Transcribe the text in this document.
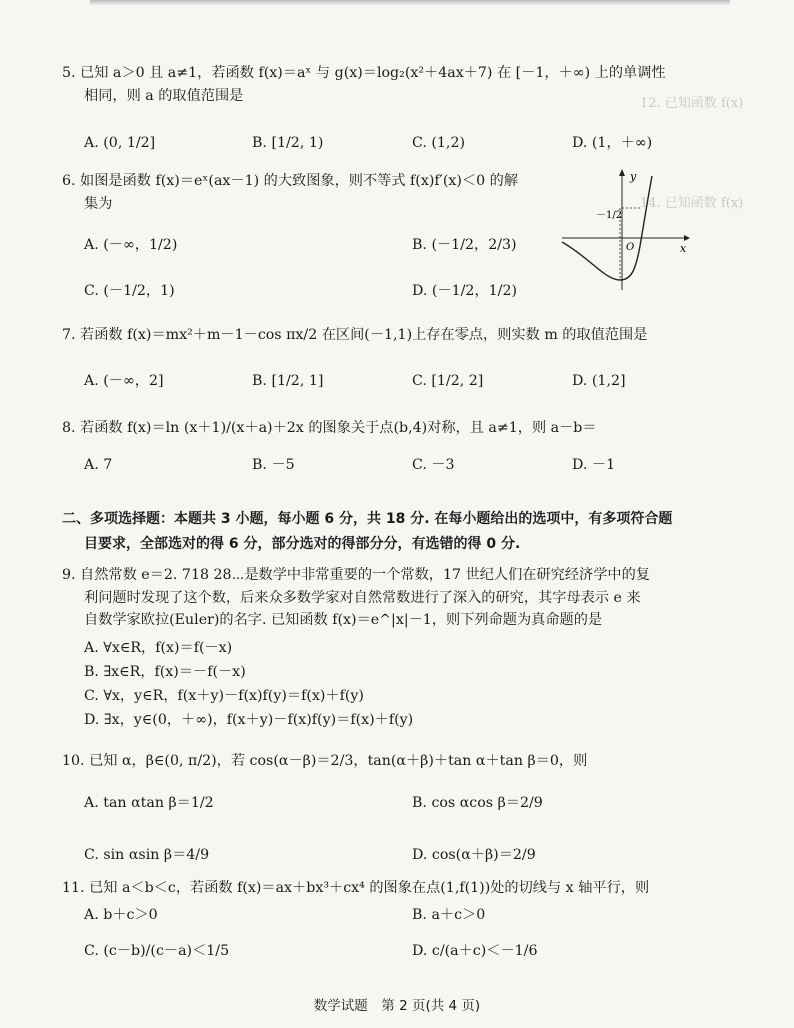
12. 已知函数 f(x)
14. 已知函数 f(x)
5. 已知 a＞0 且 a≠1，若函数 f(x)＝aˣ 与 g(x)＝log₂(x²＋4ax＋7) 在 [－1，＋∞) 上的单调性
相同，则 a 的取值范围是
A. (0, 1/2]	B. [1/2, 1)	C. (1,2)	D. (1，＋∞)
6. 如图是函数 f(x)＝eˣ(ax－1) 的大致图象，则不等式 f(x)f′(x)＜0 的解
集为
A. (－∞，1/2)	B. (－1/2，2/3)
C. (－1/2，1)	D. (－1/2，1/2)
7. 若函数 f(x)＝mx²＋m－1－cos πx/2 在区间(－1,1)上存在零点，则实数 m 的取值范围是
A. (－∞，2]	B. [1/2, 1]	C. [1/2, 2]	D. (1,2]
8. 若函数 f(x)＝ln (x＋1)/(x＋a)＋2x 的图象关于点(b,4)对称，且 a≠1，则 a－b＝
A. 7	B. －5	C. －3	D. －1
二、多项选择题：本题共 3 小题，每小题 6 分，共 18 分. 在每小题给出的选项中，有多项符合题
目要求，全部选对的得 6 分，部分选对的得部分分，有选错的得 0 分.
9. 自然常数 e＝2. 718 28⋯是数学中非常重要的一个常数，17 世纪人们在研究经济学中的复
利问题时发现了这个数，后来众多数学家对自然常数进行了深入的研究，其字母表示 e 来
自数学家欧拉(Euler)的名字. 已知函数 f(x)＝e^|x|－1，则下列命题为真命题的是
A. ∀x∈R，f(x)＝f(－x)
B. ∃x∈R，f(x)＝－f(－x)
C. ∀x，y∈R，f(x＋y)－f(x)f(y)＝f(x)＋f(y)
D. ∃x，y∈(0，＋∞)，f(x＋y)－f(x)f(y)＝f(x)＋f(y)
10. 已知 α，β∈(0, π/2)，若 cos(α－β)＝2/3，tan(α＋β)＋tan α＋tan β＝0，则
A. tan αtan β＝1/2	B. cos αcos β＝2/9
C. sin αsin β＝4/9	D. cos(α＋β)＝2/9
11. 已知 a＜b＜c，若函数 f(x)＝ax＋bx³＋cx⁴ 的图象在点(1,f(1))处的切线与 x 轴平行，则
A. b＋c＞0	B. a＋c＞0
C. (c－b)/(c－a)＜1/5	D. c/(a＋c)＜－1/6
y
x
O
－1/2
数学试题　第 2 页(共 4 页)
